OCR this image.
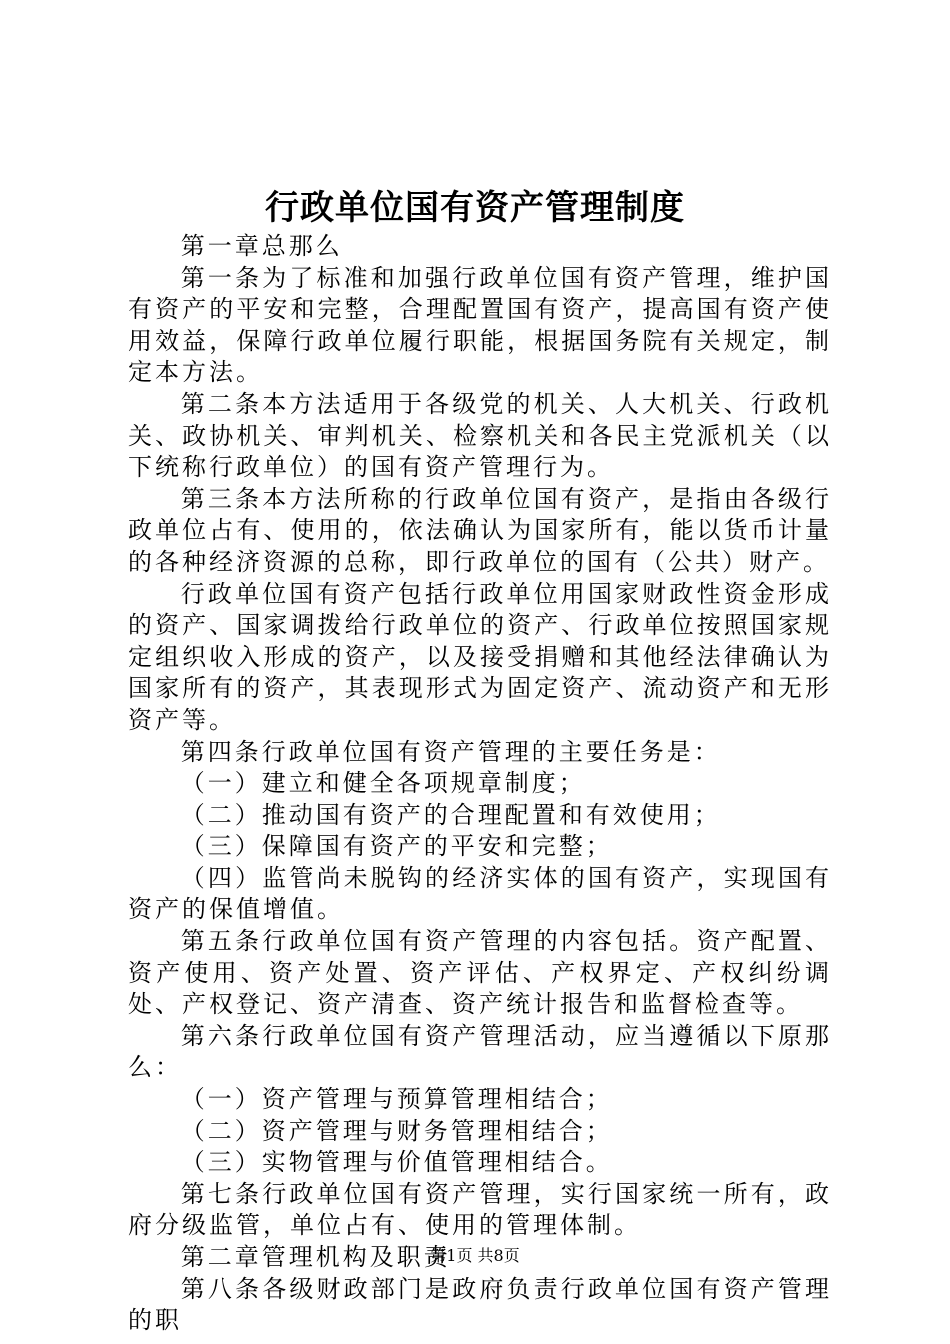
行政单位国有资产管理制度

第一章总那么

第一条为了标准和加强行政单位国有资产管理，维护国有资产的平安和完整，合理配置国有资产，提高国有资产使用效益，保障行政单位履行职能，根据国务院有关规定，制定本方法。

第二条本方法适用于各级党的机关、人大机关、行政机关、政协机关、审判机关、检察机关和各民主党派机关（以下统称行政单位）的国有资产管理行为。

第三条本方法所称的行政单位国有资产，是指由各级行政单位占有、使用的，依法确认为国家所有，能以货币计量的各种经济资源的总称，即行政单位的国有（公共）财产。

行政单位国有资产包括行政单位用国家财政性资金形成的资产、国家调拨给行政单位的资产、行政单位按照国家规定组织收入形成的资产，以及接受捐赠和其他经法律确认为国家所有的资产，其表现形式为固定资产、流动资产和无形资产等。

第四条行政单位国有资产管理的主要任务是：

（一）建立和健全各项规章制度；

（二）推动国有资产的合理配置和有效使用；

（三）保障国有资产的平安和完整；

（四）监管尚未脱钩的经济实体的国有资产，实现国有资产的保值增值。

第五条行政单位国有资产管理的内容包括。资产配置、资产使用、资产处置、资产评估、产权界定、产权纠纷调处、产权登记、资产清查、资产统计报告和监督检查等。

第六条行政单位国有资产管理活动，应当遵循以下原那么：

（一）资产管理与预算管理相结合；

（二）资产管理与财务管理相结合；

（三）实物管理与价值管理相结合。

第七条行政单位国有资产管理，实行国家统一所有，政府分级监管，单位占有、使用的管理体制。

第二章管理机构及职责

第八条各级财政部门是政府负责行政单位国有资产管理的职

第1页 共8页
